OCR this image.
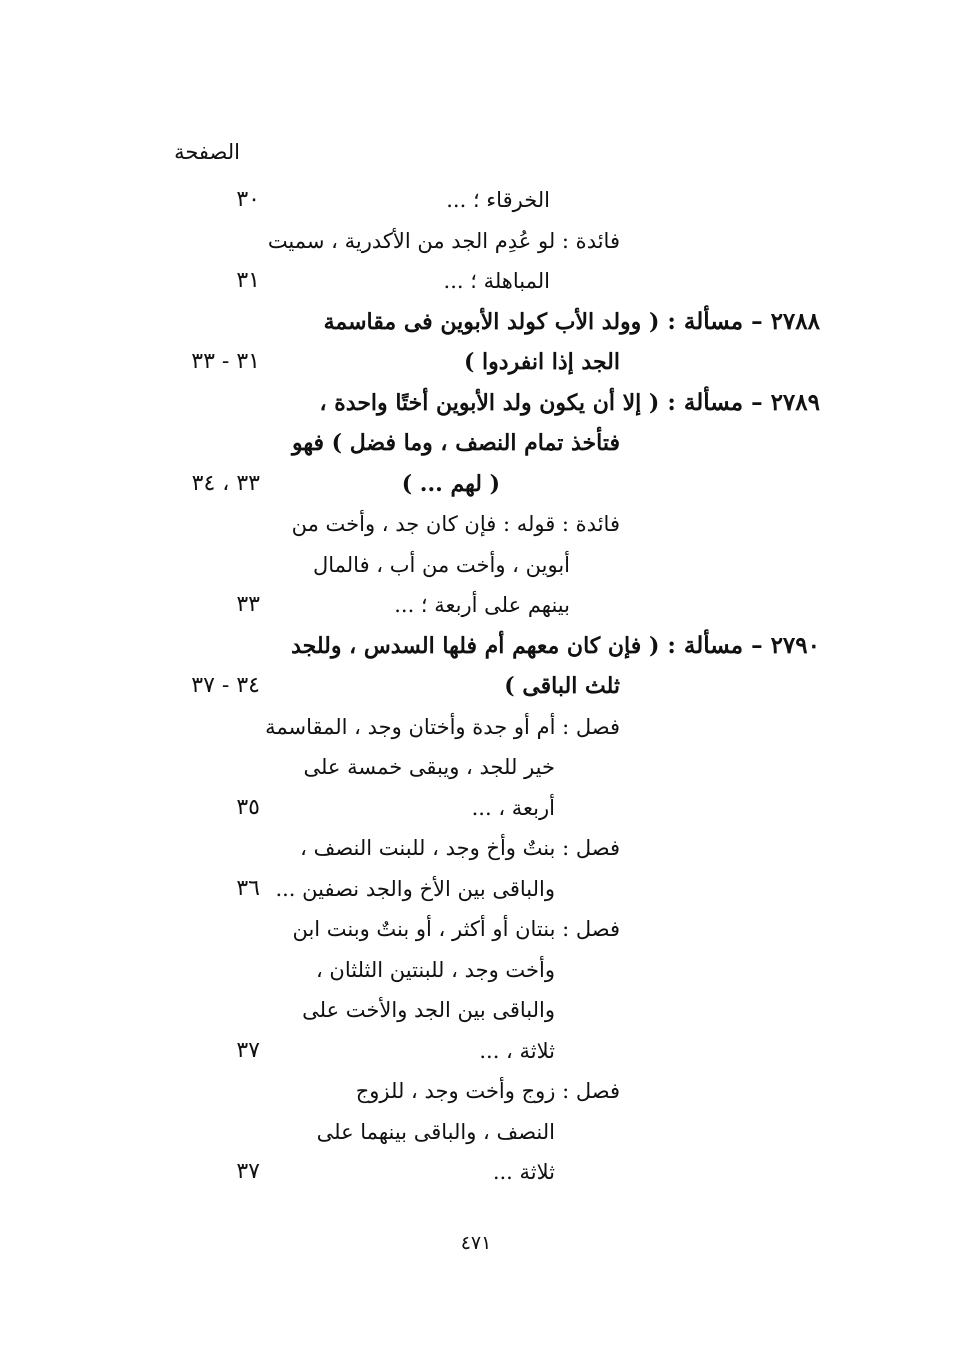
الصفحة
الخرقاء ؛ ...
٣٠
فائدة : لو عُدِم الجد من الأكدرية ، سميت
المباهلة ؛ ...
٣١
٢٧٨٨ – مسألة : ( وولد الأب كولد الأبوين فى مقاسمة
الجد إذا انفردوا )
٣١ - ٣٣
٢٧٨٩ – مسألة : ( إلا أن يكون ولد الأبوين أختًا واحدة ،
فتأخذ تمام النصف ، وما فضل ) فهو
( لهم ... )
٣٣ ، ٣٤
فائدة : قوله : فإن كان جد ، وأخت من
أبوين ، وأخت من أب ، فالمال
بينهم على أربعة ؛ ...
٣٣
٢٧٩٠ – مسألة : ( فإن كان معهم أم فلها السدس ، وللجد
ثلث الباقى )
٣٤ - ٣٧
فصل : أم أو جدة وأختان وجد ، المقاسمة
خير للجد ، ويبقى خمسة على
أربعة ، ...
٣٥
فصل : بنتٌ وأخ وجد ، للبنت النصف ،
والباقى بين الأخ والجد نصفين ...
٣٦
فصل : بنتان أو أكثر ، أو بنتٌ وبنت ابن
وأخت وجد ، للبنتين الثلثان ،
والباقى بين الجد والأخت على
ثلاثة ، ...
٣٧
فصل : زوج وأخت وجد ، للزوج
النصف ، والباقى بينهما على
ثلاثة ...
٣٧
٤٧١
